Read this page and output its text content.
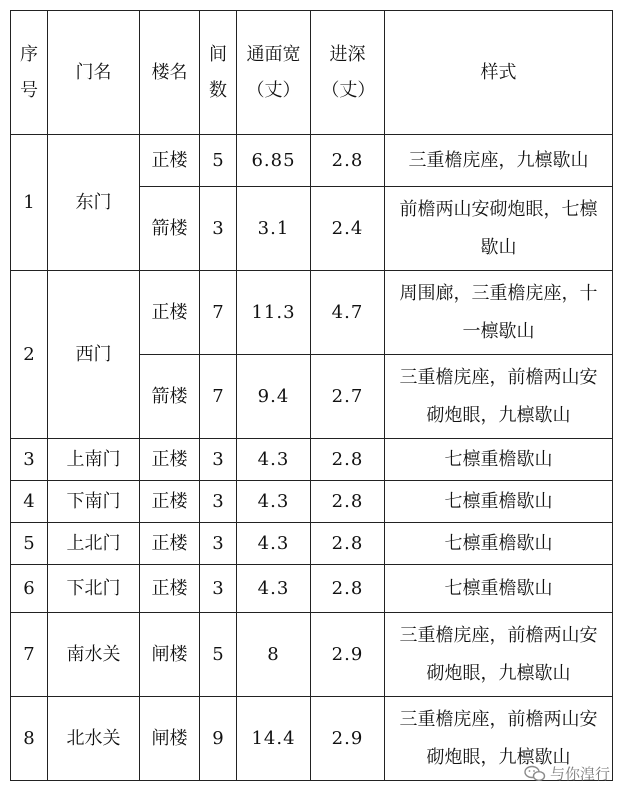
序号	门名	楼名	间数	通面宽（丈）	进深（丈）	样式
1	东门	正楼	5	6.85	2.8	三重檐庑座，九檩歇山
		箭楼	3	3.1	2.4	前檐两山安砌炮眼，七檩歇山
2	西门	正楼	7	11.3	4.7	周围廊，三重檐庑座，十一檩歇山
		箭楼	7	9.4	2.7	三重檐庑座，前檐两山安砌炮眼，九檩歇山
3	上南门	正楼	3	4.3	2.8	七檩重檐歇山
4	下南门	正楼	3	4.3	2.8	七檩重檐歇山
5	上北门	正楼	3	4.3	2.8	七檩重檐歇山
6	下北门	正楼	3	4.3	2.8	七檩重檐歇山
7	南水关	闸楼	5	8	2.9	三重檐庑座，前檐两山安砌炮眼，九檩歇山
8	北水关	闸楼	9	14.4	2.9	三重檐庑座，前檐两山安砌炮眼，九檩歇山
与你湟行
